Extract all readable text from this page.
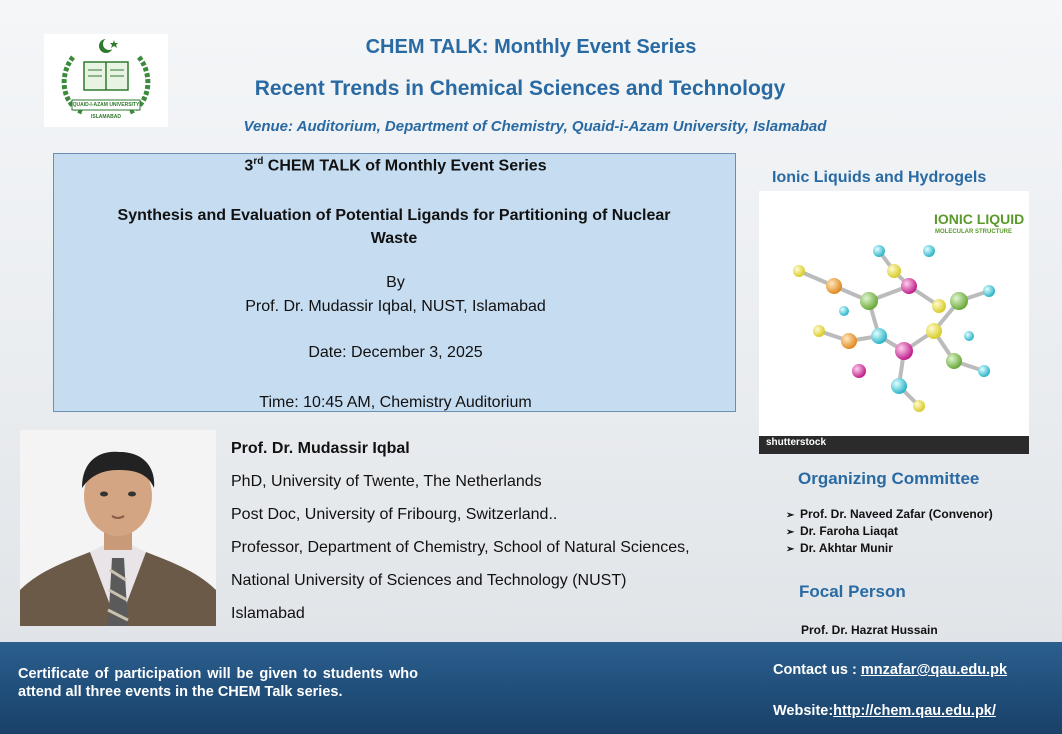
QUAID-I-AZAM UNIVERSITY
ISLAMABAD
CHEM TALK: Monthly Event Series
Recent Trends in Chemical Sciences and Technology
Venue: Auditorium, Department of Chemistry, Quaid-i-Azam University, Islamabad
3rd CHEM TALK of Monthly Event Series
Synthesis and Evaluation of Potential Ligands for Partitioning of Nuclear Waste
By
Prof. Dr. Mudassir Iqbal, NUST, Islamabad
Date: December 3, 2025
Time: 10:45 AM, Chemistry Auditorium
Ionic Liquids and Hydrogels
IONIC LIQUID
MOLECULAR STRUCTURE
shutterstock
Organizing Committee
➢ Prof. Dr. Naveed Zafar (Convenor)
➢ Dr. Faroha Liaqat
➢ Dr. Akhtar Munir
Focal Person
Prof. Dr. Hazrat Hussain
Prof. Dr. Mudassir Iqbal
PhD, University of Twente, The Netherlands
Post Doc, University of Fribourg, Switzerland..
Professor, Department of Chemistry, School of Natural Sciences,
National University of Sciences and Technology (NUST)
Islamabad
Certificate of participation will be given to students who attend all three events in the CHEM Talk series.
Contact us : mnzafar@qau.edu.pk
Website:http://chem.qau.edu.pk/
